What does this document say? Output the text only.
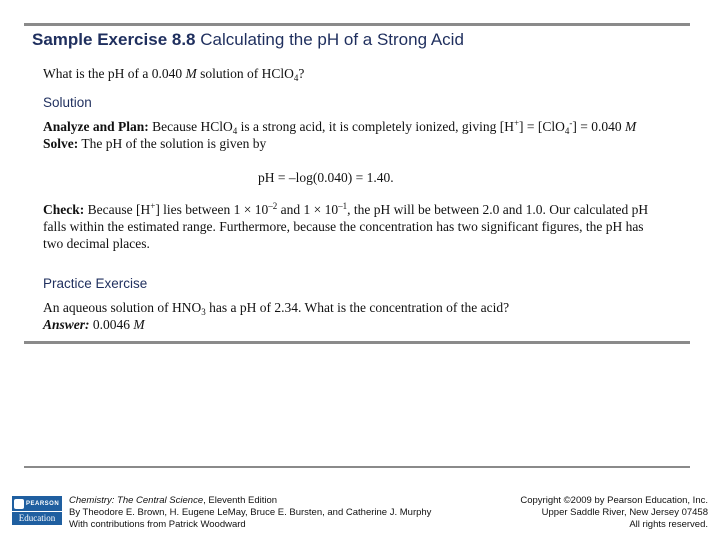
Sample Exercise 8.8 Calculating the pH of a Strong Acid
What is the pH of a 0.040 M solution of HClO$_4$?
Solution
Analyze and Plan: Because HClO$_4$ is a strong acid, it is completely ionized, giving [H+] = [ClO$_4$-] = 0.040 M
Solve: The pH of the solution is given by
pH = –log(0.040) = 1.40.
Check: Because [H+] lies between $1 \times 10^{-2}$ and $1 \times 10^{-1}$, the pH will be between 2.0 and 1.0. Our calculated pH falls within the estimated range. Furthermore, because the concentration has two significant figures, the pH has two decimal places.
Practice Exercise
An aqueous solution of $HNO_3$ has a pH of 2.34. What is the concentration of the acid?
Answer: 0.0046 M
PEARSON
Education
Chemistry: The Central Science, Eleventh Edition
By Theodore E. Brown, H. Eugene LeMay, Bruce E. Bursten, and Catherine J. Murphy
With contributions from Patrick Woodward
Copyright ©2009 by Pearson Education, Inc.
Upper Saddle River, New Jersey 07458
All rights reserved.
